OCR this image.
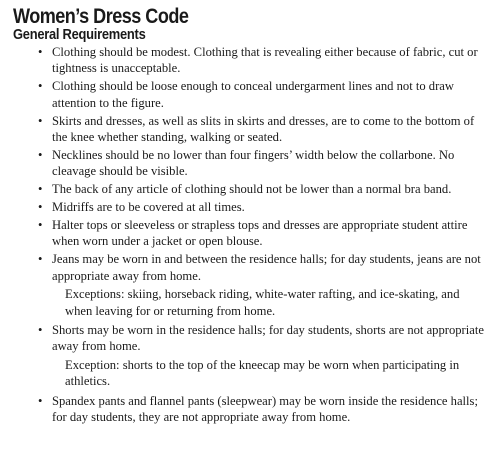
Women’s Dress Code
General Requirements
• Clothing should be modest. Clothing that is revealing either because of fabric, cut or tightness is unacceptable.
• Clothing should be loose enough to conceal undergarment lines and not to draw attention to the figure.
• Skirts and dresses, as well as slits in skirts and dresses, are to come to the bottom of the knee whether standing, walking or seated.
• Necklines should be no lower than four fingers’ width below the collarbone. No cleavage should be visible.
• The back of any article of clothing should not be lower than a normal bra band.
• Midriffs are to be covered at all times.
• Halter tops or sleeveless or strapless tops and dresses are appropriate student attire when worn under a jacket or open blouse.
• Jeans may be worn in and between the residence halls; for day students, jeans are not appropriate away from home.
Exceptions: skiing, horseback riding, white-water rafting, and ice-skating, and when leaving for or returning from home.
• Shorts may be worn in the residence halls; for day students, shorts are not appropriate away from home.
Exception: shorts to the top of the kneecap may be worn when participating in athletics.
• Spandex pants and flannel pants (sleepwear) may be worn inside the residence halls; for day students, they are not appropriate away from home.
